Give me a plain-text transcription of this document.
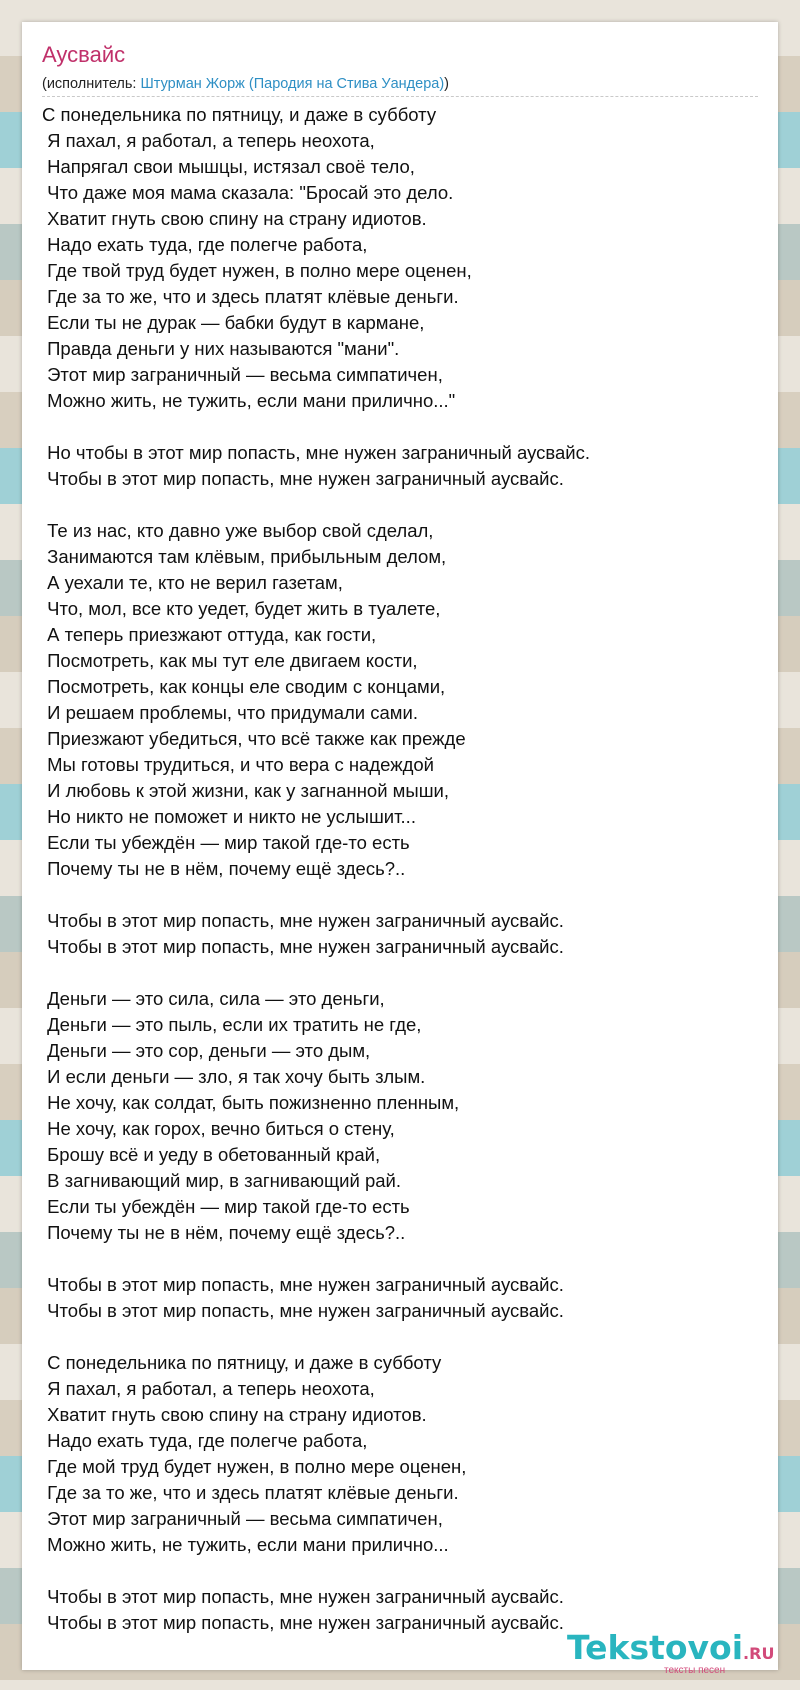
Аусвайс
(исполнитель: Штурман Жорж (Пародия на Стива Уандера))
С понедельника по пятницу, и даже в субботу
Я пахал, я работал, а теперь неохота,
Напрягал свои мышцы, истязал своё тело,
Что даже моя мама сказала: "Бросай это дело.
Хватит гнуть свою спину на страну идиотов.
Надо ехать туда, где полегче работа,
Где твой труд будет нужен, в полно мере оценен,
Где за то же, что и здесь платят клёвые деньги.
Если ты не дурак — бабки будут в кармане,
Правда деньги у них называются "мани".
Этот мир заграничный — весьма симпатичен,
Можно жить, не тужить, если мани прилично..."
Но чтобы в этот мир попасть, мне нужен заграничный аусвайс.
Чтобы в этот мир попасть, мне нужен заграничный аусвайс.
Те из нас, кто давно уже выбор свой сделал,
Занимаются там клёвым, прибыльным делом,
А уехали те, кто не верил газетам,
Что, мол, все кто уедет, будет жить в туалете,
А теперь приезжают оттуда, как гости,
Посмотреть, как мы тут еле двигаем кости,
Посмотреть, как концы еле сводим с концами,
И решаем проблемы, что придумали сами.
Приезжают убедиться, что всё также как прежде
Мы готовы трудиться, и что вера с надеждой
И любовь к этой жизни, как у загнанной мыши,
Но никто не поможет и никто не услышит...
Если ты убеждён — мир такой где-то есть
Почему ты не в нём, почему ещё здесь?..
Чтобы в этот мир попасть, мне нужен заграничный аусвайс.
Чтобы в этот мир попасть, мне нужен заграничный аусвайс.
Деньги — это сила, сила — это деньги,
Деньги — это пыль, если их тратить не где,
Деньги — это сор, деньги — это дым,
И если деньги — зло, я так хочу быть злым.
Не хочу, как солдат, быть пожизненно пленным,
Не хочу, как горох, вечно биться о стену,
Брошу всё и уеду в обетованный край,
В загнивающий мир, в загнивающий рай.
Если ты убеждён — мир такой где-то есть
Почему ты не в нём, почему ещё здесь?..
Чтобы в этот мир попасть, мне нужен заграничный аусвайс.
Чтобы в этот мир попасть, мне нужен заграничный аусвайс.
С понедельника по пятницу, и даже в субботу
Я пахал, я работал, а теперь неохота,
Хватит гнуть свою спину на страну идиотов.
Надо ехать туда, где полегче работа,
Где мой труд будет нужен, в полно мере оценен,
Где за то же, что и здесь платят клёвые деньги.
Этот мир заграничный — весьма симпатичен,
Можно жить, не тужить, если мани прилично...
Чтобы в этот мир попасть, мне нужен заграничный аусвайс.
Чтобы в этот мир попасть, мне нужен заграничный аусвайс.
Tekstovoi.RU
тексты песен
